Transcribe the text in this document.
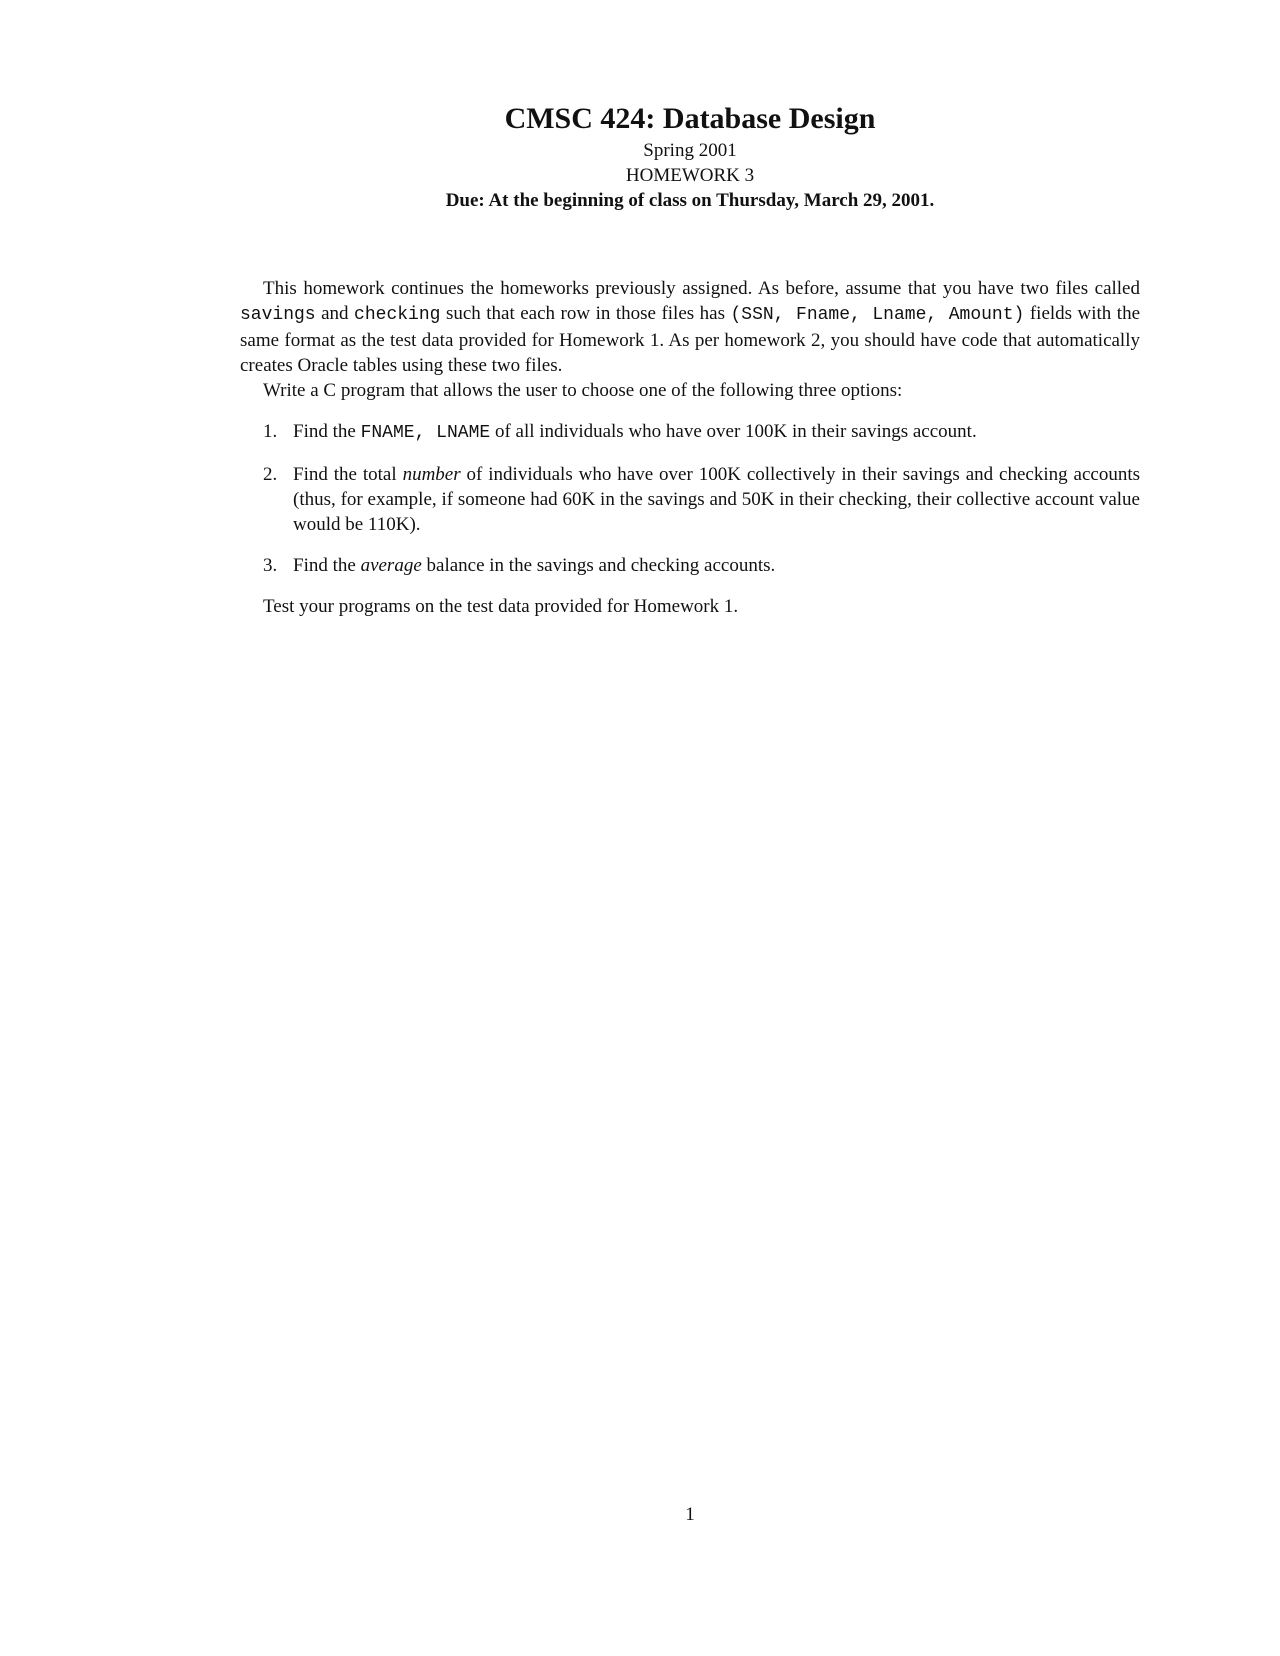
CMSC 424: Database Design

Spring 2001

HOMEWORK 3

Due: At the beginning of class on Thursday, March 29, 2001.

This homework continues the homeworks previously assigned. As before, assume that you have two files called savings and checking such that each row in those files has (SSN, Fname, Lname, Amount) fields with the same format as the test data provided for Homework 1. As per homework 2, you should have code that automatically creates Oracle tables using these two files.

Write a C program that allows the user to choose one of the following three options:

1. Find the FNAME, LNAME of all individuals who have over 100K in their savings account.
2. Find the total number of individuals who have over 100K collectively in their savings and checking accounts (thus, for example, if someone had 60K in the savings and 50K in their checking, their collective account value would be 110K).
3. Find the average balance in the savings and checking accounts.

Test your programs on the test data provided for Homework 1.

1
